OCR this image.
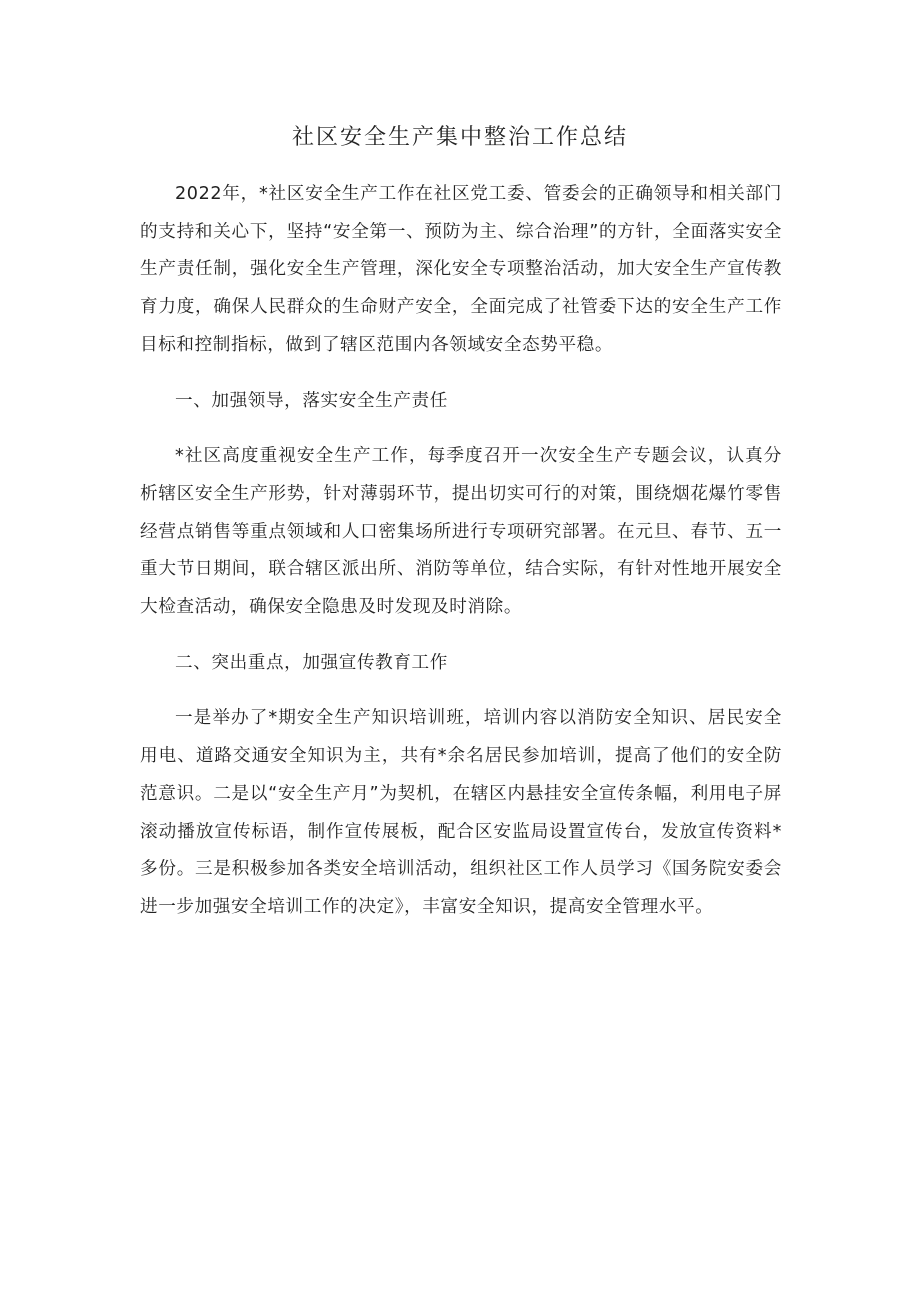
社区安全生产集中整治工作总结

2022年，*社区安全生产工作在社区党工委、管委会的正确领导和相关部门的支持和关心下，坚持“安全第一、预防为主、综合治理”的方针，全面落实安全生产责任制，强化安全生产管理，深化安全专项整治活动，加大安全生产宣传教育力度，确保人民群众的生命财产安全，全面完成了社管委下达的安全生产工作目标和控制指标，做到了辖区范围内各领域安全态势平稳。

一、加强领导，落实安全生产责任

*社区高度重视安全生产工作，每季度召开一次安全生产专题会议，认真分析辖区安全生产形势，针对薄弱环节，提出切实可行的对策，围绕烟花爆竹零售经营点销售等重点领域和人口密集场所进行专项研究部署。在元旦、春节、五一重大节日期间，联合辖区派出所、消防等单位，结合实际，有针对性地开展安全大检查活动，确保安全隐患及时发现及时消除。

二、突出重点，加强宣传教育工作

一是举办了*期安全生产知识培训班，培训内容以消防安全知识、居民安全用电、道路交通安全知识为主，共有*余名居民参加培训，提高了他们的安全防范意识。二是以“安全生产月”为契机，在辖区内悬挂安全宣传条幅，利用电子屏滚动播放宣传标语，制作宣传展板，配合区安监局设置宣传台，发放宣传资料*多份。三是积极参加各类安全培训活动，组织社区工作人员学习《国务院安委会进一步加强安全培训工作的决定》，丰富安全知识，提高安全管理水平。
